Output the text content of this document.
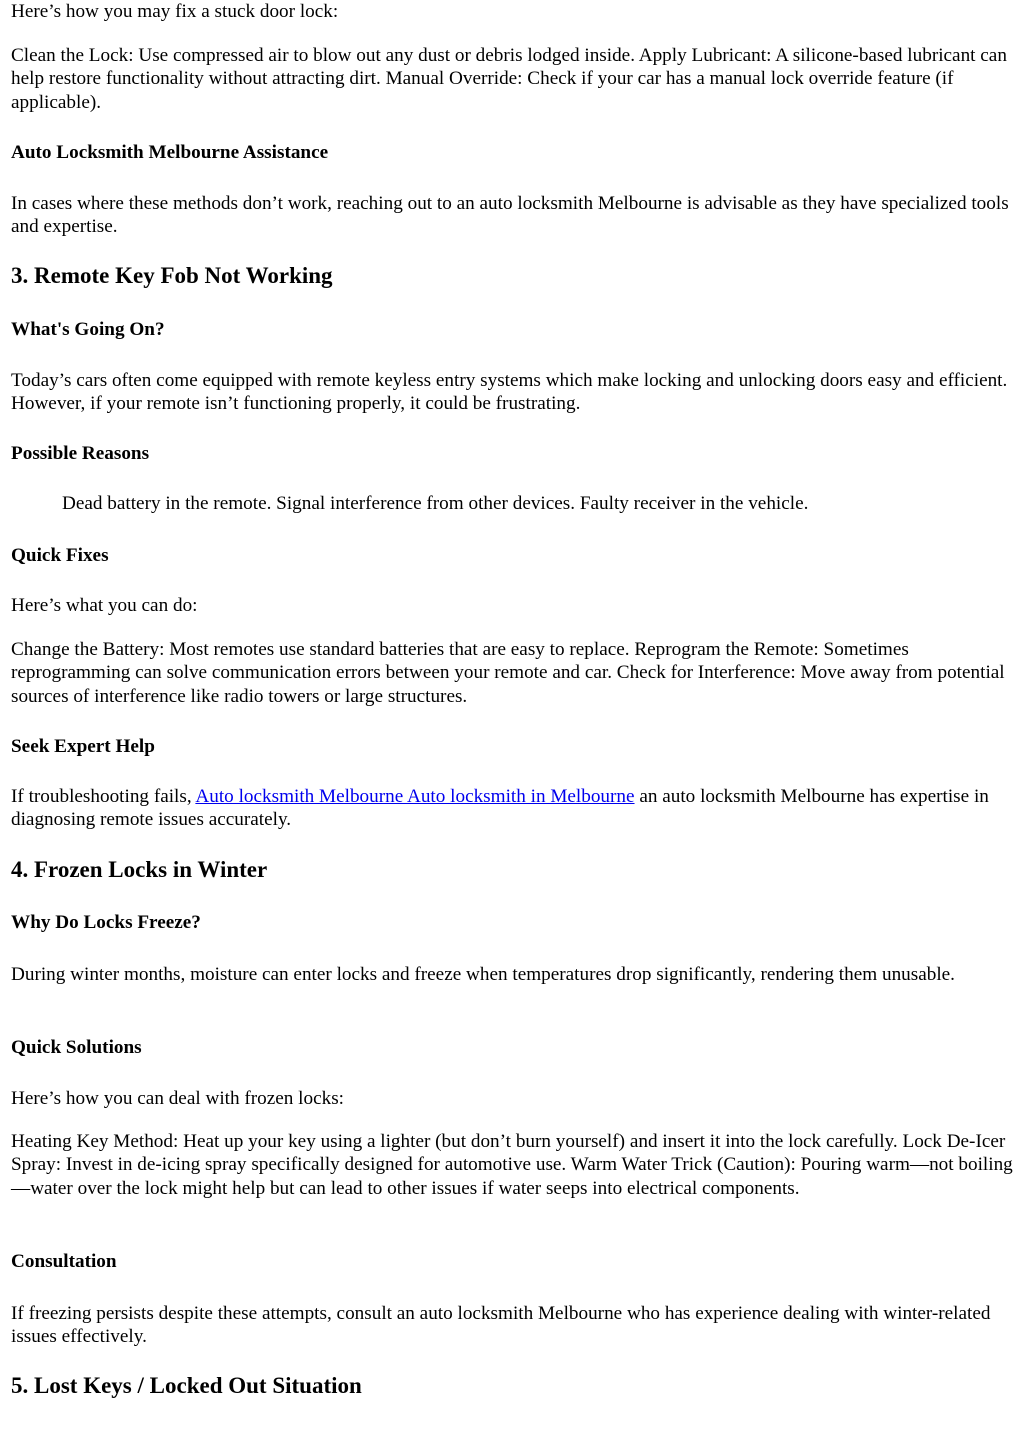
Here’s how you may fix a stuck door lock:

Clean the Lock: Use compressed air to blow out any dust or debris lodged inside. Apply Lubricant: A silicone-based lubricant can help restore functionality without attracting dirt. Manual Override: Check if your car has a manual lock override feature (if applicable).

Auto Locksmith Melbourne Assistance

In cases where these methods don’t work, reaching out to an auto locksmith Melbourne is advisable as they have specialized tools and expertise.

3. Remote Key Fob Not Working
What's Going On?

Today’s cars often come equipped with remote keyless entry systems which make locking and unlocking doors easy and efficient. However, if your remote isn’t functioning properly, it could be frustrating.

Possible Reasons

Dead battery in the remote. Signal interference from other devices. Faulty receiver in the vehicle.

Quick Fixes

Here’s what you can do:

Change the Battery: Most remotes use standard batteries that are easy to replace. Reprogram the Remote: Sometimes reprogramming can solve communication errors between your remote and car. Check for Interference: Move away from potential sources of interference like radio towers or large structures.

Seek Expert Help

If troubleshooting fails, Auto locksmith Melbourne Auto locksmith in Melbourne an auto locksmith Melbourne has expertise in diagnosing remote issues accurately.

4. Frozen Locks in Winter
Why Do Locks Freeze?

During winter months, moisture can enter locks and freeze when temperatures drop significantly, rendering them unusable.

Quick Solutions

Here’s how you can deal with frozen locks:

Heating Key Method: Heat up your key using a lighter (but don’t burn yourself) and insert it into the lock carefully. Lock De-Icer Spray: Invest in de-icing spray specifically designed for automotive use. Warm Water Trick (Caution): Pouring warm—not boiling—water over the lock might help but can lead to other issues if water seeps into electrical components.

Consultation

If freezing persists despite these attempts, consult an auto locksmith Melbourne who has experience dealing with winter-related issues effectively.

5. Lost Keys / Locked Out Situation
